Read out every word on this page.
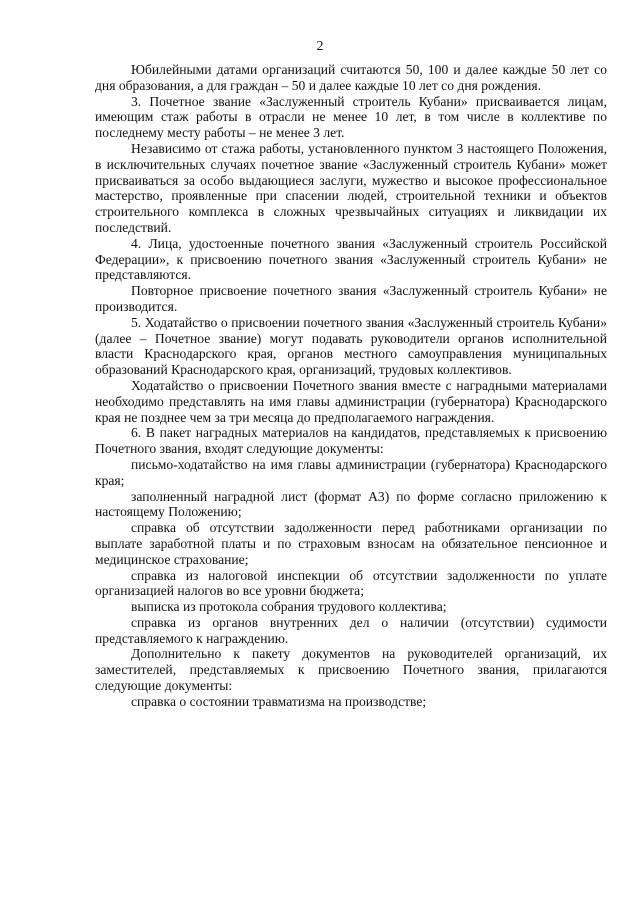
2

Юбилейными датами организаций считаются 50, 100 и далее каждые 50 лет со дня образования, а для граждан – 50 и далее каждые 10 лет со дня рождения.

3. Почетное звание «Заслуженный строитель Кубани» присваивается лицам, имеющим стаж работы в отрасли не менее 10 лет, в том числе в коллективе по последнему месту работы – не менее 3 лет.

Независимо от стажа работы, установленного пунктом 3 настоящего Положения, в исключительных случаях почетное звание «Заслуженный строитель Кубани» может присваиваться за особо выдающиеся заслуги, мужество и высокое профессиональное мастерство, проявленные при спасении людей, строительной техники и объектов строительного комплекса в сложных чрезвычайных ситуациях и ликвидации их последствий.

4. Лица, удостоенные почетного звания «Заслуженный строитель Российской Федерации», к присвоению почетного звания «Заслуженный строитель Кубани» не представляются.

Повторное присвоение почетного звания «Заслуженный строитель Кубани» не производится.

5. Ходатайство о присвоении почетного звания «Заслуженный строитель Кубани» (далее – Почетное звание) могут подавать руководители органов исполнительной власти Краснодарского края, органов местного самоуправления муниципальных образований Краснодарского края, организаций, трудовых коллективов.

Ходатайство о присвоении Почетного звания вместе с наградными материалами необходимо представлять на имя главы администрации (губернатора) Краснодарского края не позднее чем за три месяца до предполагаемого награждения.

6. В пакет наградных материалов на кандидатов, представляемых к присвоению Почетного звания, входят следующие документы:

письмо-ходатайство на имя главы администрации (губернатора) Краснодарского края;

заполненный наградной лист (формат А3) по форме согласно приложению к настоящему Положению;

справка об отсутствии задолженности перед работниками организации по выплате заработной платы и по страховым взносам на обязательное пенсионное и медицинское страхование;

справка из налоговой инспекции об отсутствии задолженности по уплате организацией налогов во все уровни бюджета;

выписка из протокола собрания трудового коллектива;

справка из органов внутренних дел о наличии (отсутствии) судимости представляемого к награждению.

Дополнительно к пакету документов на руководителей организаций, их заместителей, представляемых к присвоению Почетного звания, прилагаются следующие документы:

справка о состоянии травматизма на производстве;
